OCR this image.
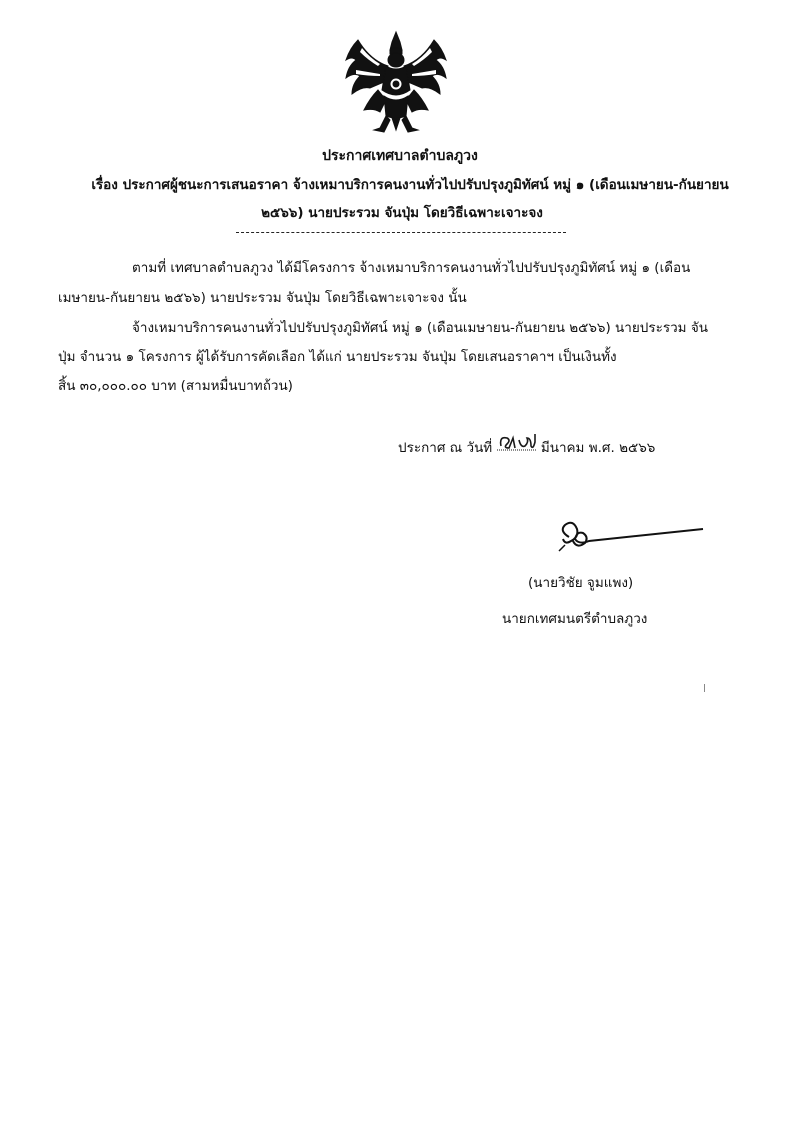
ประกาศเทศบาลตำบลภูวง
เรื่อง ประกาศผู้ชนะการเสนอราคา จ้างเหมาบริการคนงานทั่วไปปรับปรุงภูมิทัศน์ หมู่ ๑ (เดือนเมษายน-กันยายน
๒๕๖๖) นายประรวม จันปุ่ม โดยวิธีเฉพาะเจาะจง
ตามที่ เทศบาลตำบลภูวง ได้มีโครงการ จ้างเหมาบริการคนงานทั่วไปปรับปรุงภูมิทัศน์ หมู่ ๑ (เดือน
เมษายน-กันยายน ๒๕๖๖) นายประรวม จันปุ่ม โดยวิธีเฉพาะเจาะจง นั้น
จ้างเหมาบริการคนงานทั่วไปปรับปรุงภูมิทัศน์ หมู่ ๑ (เดือนเมษายน-กันยายน ๒๕๖๖) นายประรวม จัน
ปุ่ม จำนวน ๑ โครงการ ผู้ได้รับการคัดเลือก ได้แก่ นายประรวม จันปุ่ม โดยเสนอราคาฯ เป็นเงินทั้ง
สิ้น ๓๐,๐๐๐.๐๐ บาท (สามหมื่นบาทถ้วน)
ประกาศ ณ วันที่	มีนาคม พ.ศ. ๒๕๖๖
(นายวิชัย จูมแพง)
นายกเทศมนตรีตำบลภูวง
